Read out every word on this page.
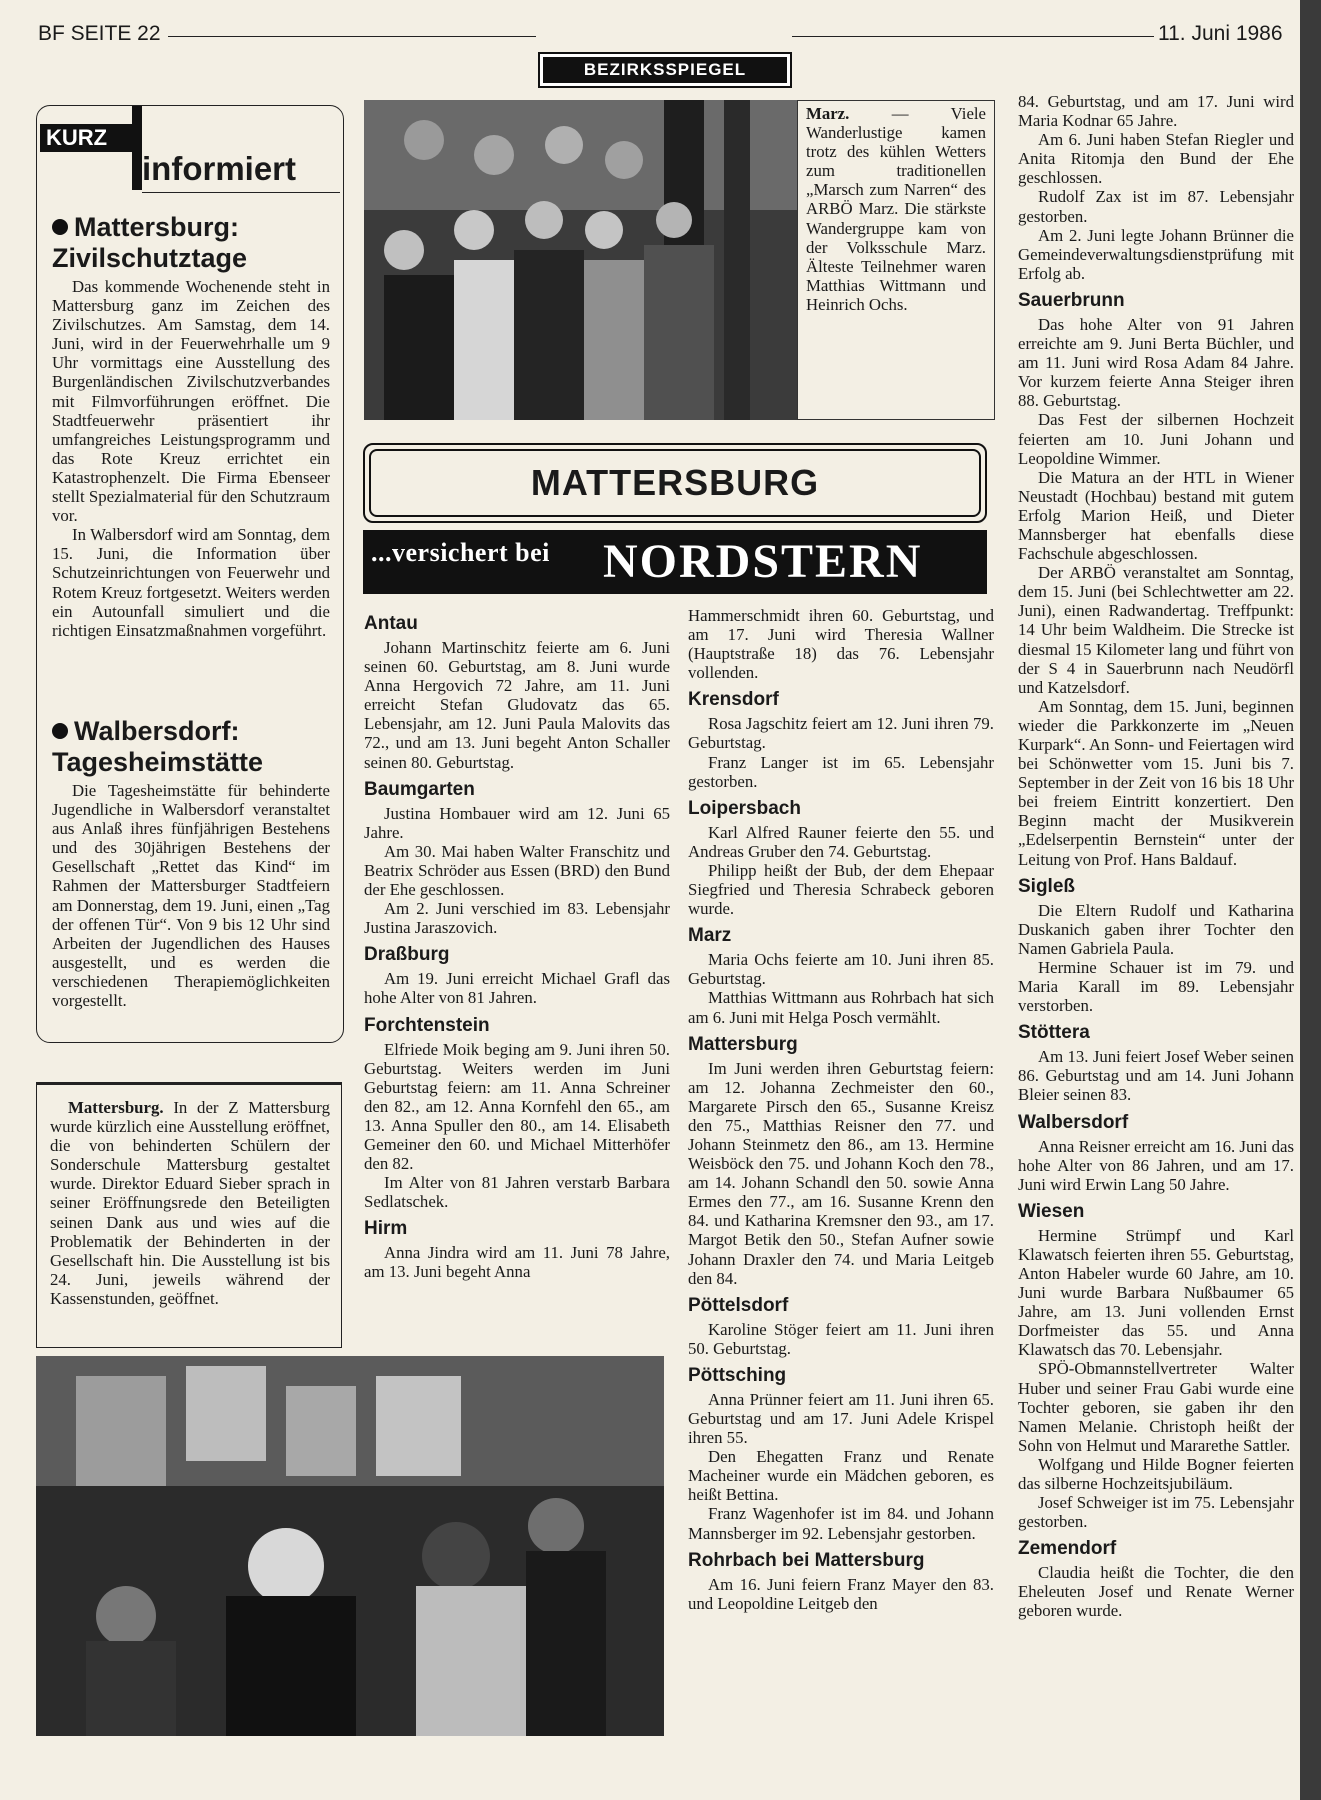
BF SEITE 22
BEZIRKSSPIEGEL
11. Juni 1986
KURZ
informiert
Mattersburg: Zivilschutztage

Das kommende Wochenende steht in Mattersburg ganz im Zeichen des Zivilschutzes. Am Samstag, dem 14. Juni, wird in der Feuerwehrhalle um 9 Uhr vormittags eine Ausstellung des Burgenländischen Zivilschutzverbandes mit Filmvorführungen eröffnet. Die Stadtfeuerwehr präsentiert ihr umfangreiches Leistungsprogramm und das Rote Kreuz errichtet ein Katastrophenzelt. Die Firma Ebenseer stellt Spezialmaterial für den Schutzraum vor.

In Walbersdorf wird am Sonntag, dem 15. Juni, die Information über Schutzeinrichtungen von Feuerwehr und Rotem Kreuz fortgesetzt. Weiters werden ein Autounfall simuliert und die richtigen Einsatzmaßnahmen vorgeführt.

Walbersdorf: Tagesheimstätte

Die Tagesheimstätte für behinderte Jugendliche in Walbersdorf veranstaltet aus Anlaß ihres fünfjährigen Bestehens und des 30jährigen Bestehens der Gesellschaft „Rettet das Kind“ im Rahmen der Mattersburger Stadtfeiern am Donnerstag, dem 19. Juni, einen „Tag der offenen Tür“. Von 9 bis 12 Uhr sind Arbeiten der Jugendlichen des Hauses ausgestellt, und es werden die verschiedenen Therapiemöglichkeiten vorgestellt.

Mattersburg. In der Z Mattersburg wurde kürzlich eine Ausstellung eröffnet, die von behinderten Schülern der Sonderschule Mattersburg gestaltet wurde. Direktor Eduard Sieber sprach in seiner Eröffnungsrede den Beteiligten seinen Dank aus und wies auf die Problematik der Behinderten in der Gesellschaft hin. Die Ausstellung ist bis 24. Juni, jeweils während der Kassenstunden, geöffnet.

Marz. — Viele Wanderlustige kamen trotz des kühlen Wetters zum traditionellen „Marsch zum Narren“ des ARBÖ Marz. Die stärkste Wandergruppe kam von der Volksschule Marz. Älteste Teilnehmer waren Matthias Wittmann und Heinrich Ochs.

MATTERSBURG
...versichert bei NORDSTERN
Antau

Johann Martinschitz feierte am 6. Juni seinen 60. Geburtstag, am 8. Juni wurde Anna Hergovich 72 Jahre, am 11. Juni erreicht Stefan Gludovatz das 65. Lebensjahr, am 12. Juni Paula Malovits das 72., und am 13. Juni begeht Anton Schaller seinen 80. Geburtstag.

Baumgarten

Justina Hombauer wird am 12. Juni 65 Jahre.

Am 30. Mai haben Walter Franschitz und Beatrix Schröder aus Essen (BRD) den Bund der Ehe geschlossen.

Am 2. Juni verschied im 83. Lebensjahr Justina Jaraszovich.

Draßburg

Am 19. Juni erreicht Michael Grafl das hohe Alter von 81 Jahren.

Forchtenstein

Elfriede Moik beging am 9. Juni ihren 50. Geburtstag. Weiters werden im Juni Geburtstag feiern: am 11. Anna Schreiner den 82., am 12. Anna Kornfehl den 65., am 13. Anna Spuller den 80., am 14. Elisabeth Gemeiner den 60. und Michael Mitterhöfer den 82.

Im Alter von 81 Jahren verstarb Barbara Sedlatschek.

Hirm

Anna Jindra wird am 11. Juni 78 Jahre, am 13. Juni begeht Anna

Hammerschmidt ihren 60. Geburtstag, und am 17. Juni wird Theresia Wallner (Hauptstraße 18) das 76. Lebensjahr vollenden.

Krensdorf

Rosa Jagschitz feiert am 12. Juni ihren 79. Geburtstag.

Franz Langer ist im 65. Lebensjahr gestorben.

Loipersbach

Karl Alfred Rauner feierte den 55. und Andreas Gruber den 74. Geburtstag.

Philipp heißt der Bub, der dem Ehepaar Siegfried und Theresia Schrabeck geboren wurde.

Marz

Maria Ochs feierte am 10. Juni ihren 85. Geburtstag.

Matthias Wittmann aus Rohrbach hat sich am 6. Juni mit Helga Posch vermählt.

Mattersburg

Im Juni werden ihren Geburtstag feiern: am 12. Johanna Zechmeister den 60., Margarete Pirsch den 65., Susanne Kreisz den 75., Matthias Reisner den 77. und Johann Steinmetz den 86., am 13. Hermine Weisböck den 75. und Johann Koch den 78., am 14. Johann Schandl den 50. sowie Anna Ermes den 77., am 16. Susanne Krenn den 84. und Katharina Kremsner den 93., am 17. Margot Betik den 50., Stefan Aufner sowie Johann Draxler den 74. und Maria Leitgeb den 84.

Pöttelsdorf

Karoline Stöger feiert am 11. Juni ihren 50. Geburtstag.

Pöttsching

Anna Prünner feiert am 11. Juni ihren 65. Geburtstag und am 17. Juni Adele Krispel ihren 55.

Den Ehegatten Franz und Renate Macheiner wurde ein Mädchen geboren, es heißt Bettina.

Franz Wagenhofer ist im 84. und Johann Mannsberger im 92. Lebensjahr gestorben.

Rohrbach bei Mattersburg

Am 16. Juni feiern Franz Mayer den 83. und Leopoldine Leitgeb den

84. Geburtstag, und am 17. Juni wird Maria Kodnar 65 Jahre.

Am 6. Juni haben Stefan Riegler und Anita Ritomja den Bund der Ehe geschlossen.

Rudolf Zax ist im 87. Lebensjahr gestorben.

Am 2. Juni legte Johann Brünner die Gemeindeverwaltungsdienstprüfung mit Erfolg ab.

Sauerbrunn

Das hohe Alter von 91 Jahren erreichte am 9. Juni Berta Büchler, und am 11. Juni wird Rosa Adam 84 Jahre. Vor kurzem feierte Anna Steiger ihren 88. Geburtstag.

Das Fest der silbernen Hochzeit feierten am 10. Juni Johann und Leopoldine Wimmer.

Die Matura an der HTL in Wiener Neustadt (Hochbau) bestand mit gutem Erfolg Marion Heiß, und Dieter Mannsberger hat ebenfalls diese Fachschule abgeschlossen.

Der ARBÖ veranstaltet am Sonntag, dem 15. Juni (bei Schlechtwetter am 22. Juni), einen Radwandertag. Treffpunkt: 14 Uhr beim Waldheim. Die Strecke ist diesmal 15 Kilometer lang und führt von der S 4 in Sauerbrunn nach Neudörfl und Katzelsdorf.

Am Sonntag, dem 15. Juni, beginnen wieder die Parkkonzerte im „Neuen Kurpark“. An Sonn- und Feiertagen wird bei Schönwetter vom 15. Juni bis 7. September in der Zeit von 16 bis 18 Uhr bei freiem Eintritt konzertiert. Den Beginn macht der Musikverein „Edelserpentin Bernstein“ unter der Leitung von Prof. Hans Baldauf.

Sigleß

Die Eltern Rudolf und Katharina Duskanich gaben ihrer Tochter den Namen Gabriela Paula.

Hermine Schauer ist im 79. und Maria Karall im 89. Lebensjahr verstorben.

Stöttera

Am 13. Juni feiert Josef Weber seinen 86. Geburtstag und am 14. Juni Johann Bleier seinen 83.

Walbersdorf

Anna Reisner erreicht am 16. Juni das hohe Alter von 86 Jahren, und am 17. Juni wird Erwin Lang 50 Jahre.

Wiesen

Hermine Strümpf und Karl Klawatsch feierten ihren 55. Geburtstag, Anton Habeler wurde 60 Jahre, am 10. Juni wurde Barbara Nußbaumer 65 Jahre, am 13. Juni vollenden Ernst Dorfmeister das 55. und Anna Klawatsch das 70. Lebensjahr.

SPÖ-Obmannstellvertreter Walter Huber und seiner Frau Gabi wurde eine Tochter geboren, sie gaben ihr den Namen Melanie. Christoph heißt der Sohn von Helmut und Mararethe Sattler.

Wolfgang und Hilde Bogner feierten das silberne Hochzeitsjubiläum.

Josef Schweiger ist im 75. Lebensjahr gestorben.

Zemendorf

Claudia heißt die Tochter, die den Eheleuten Josef und Renate Werner geboren wurde.
